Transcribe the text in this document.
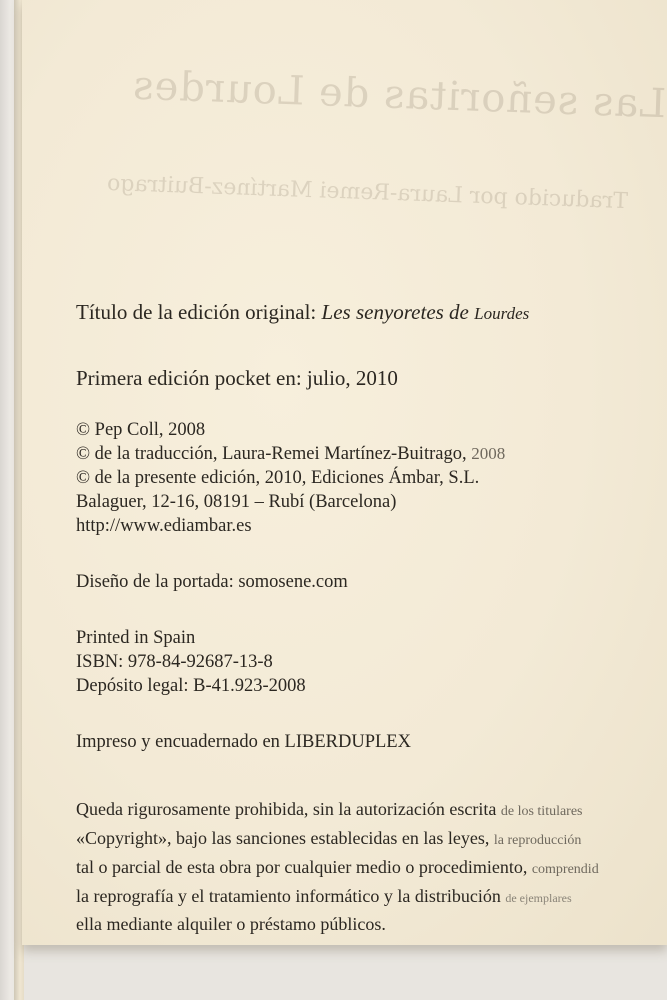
Las señoritas de Lourdes
Traducido por Laura-Remei Martínez-Buitrago
Título de la edición original: Les senyoretes de Lourdes
Primera edición pocket en: julio, 2010
© Pep Coll, 2008
© de la traducción, Laura-Remei Martínez-Buitrago, 2008
© de la presente edición, 2010, Ediciones Ámbar, S.L.
Balaguer, 12-16, 08191 – Rubí (Barcelona)
http://www.ediambar.es
Diseño de la portada: somosene.com
Printed in Spain
ISBN: 978-84-92687-13-8
Depósito legal: B-41.923-2008
Impreso y encuadernado en LIBERDUPLEX
Queda rigurosamente prohibida, sin la autorización escrita de los titulares
«Copyright», bajo las sanciones establecidas en las leyes, la reproducción
tal o parcial de esta obra por cualquier medio o procedimiento, comprendid
la reprografía y el tratamiento informático y la distribución de ejemplares
ella mediante alquiler o préstamo públicos.
